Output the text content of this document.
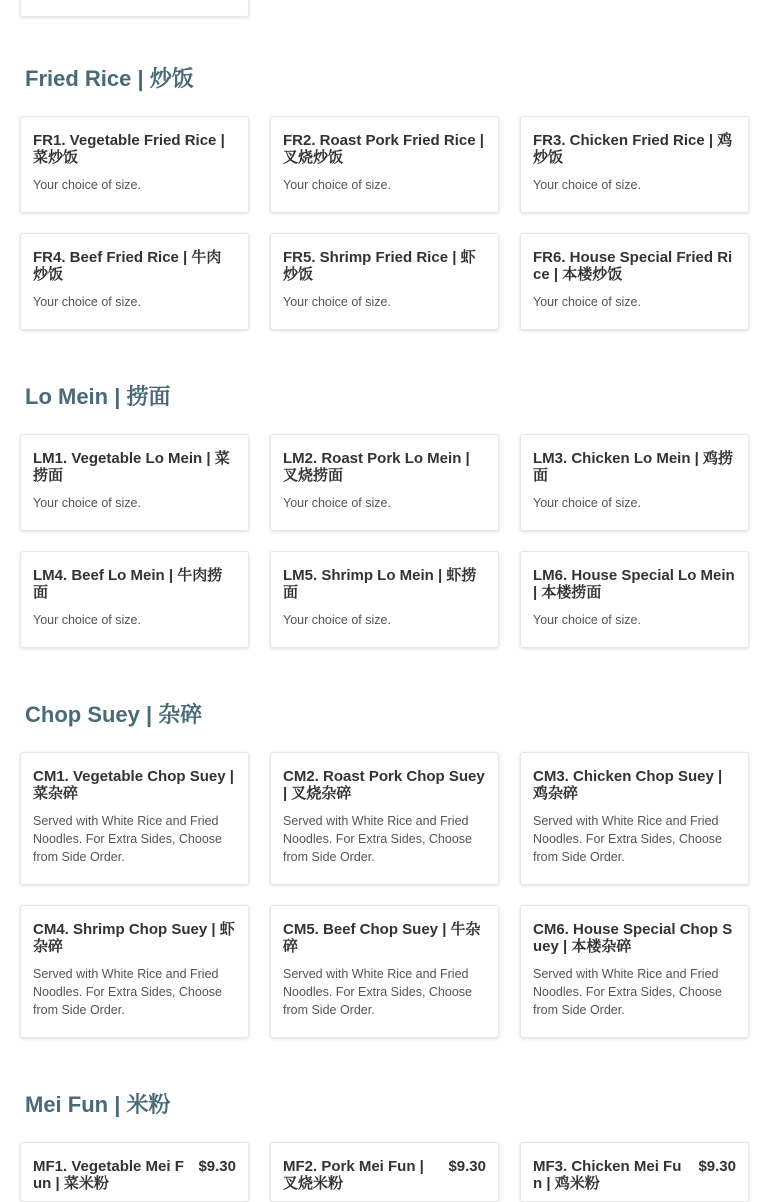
Fried Rice | 炒饭
FR1. Vegetable Fried Rice | 菜炒饭

Your choice of size.

FR2. Roast Pork Fried Rice | 叉烧炒饭

Your choice of size.

FR3. Chicken Fried Rice | 鸡炒饭

Your choice of size.

FR4. Beef Fried Rice | 牛肉炒饭

Your choice of size.

FR5. Shrimp Fried Rice | 虾炒饭

Your choice of size.

FR6. House Special Fried Rice | 本楼炒饭

Your choice of size.

Lo Mein | 捞面
LM1. Vegetable Lo Mein | 菜捞面

Your choice of size.

LM2. Roast Pork Lo Mein | 叉烧捞面

Your choice of size.

LM3. Chicken Lo Mein | 鸡捞面

Your choice of size.

LM4. Beef Lo Mein | 牛肉捞面

Your choice of size.

LM5. Shrimp Lo Mein | 虾捞面

Your choice of size.

LM6. House Special Lo Mein | 本楼捞面

Your choice of size.

Chop Suey | 杂碎
CM1. Vegetable Chop Suey | 菜杂碎

Served with White Rice and Fried Noodles. For Extra Sides, Choose from Side Order.

CM2. Roast Pork Chop Suey | 叉烧杂碎

Served with White Rice and Fried Noodles. For Extra Sides, Choose from Side Order.

CM3. Chicken Chop Suey | 鸡杂碎

Served with White Rice and Fried Noodles. For Extra Sides, Choose from Side Order.

CM4. Shrimp Chop Suey | 虾杂碎

Served with White Rice and Fried Noodles. For Extra Sides, Choose from Side Order.

CM5. Beef Chop Suey | 牛杂碎

Served with White Rice and Fried Noodles. For Extra Sides, Choose from Side Order.

CM6. House Special Chop Suey | 本楼杂碎

Served with White Rice and Fried Noodles. For Extra Sides, Choose from Side Order.

Mei Fun | 米粉
MF1. Vegetable Mei Fun | 菜米粉
$9.30	MF2. Pork Mei Fun | 叉烧米粉
$9.30	MF3. Chicken Mei Fun | 鸡米粉
$9.30
